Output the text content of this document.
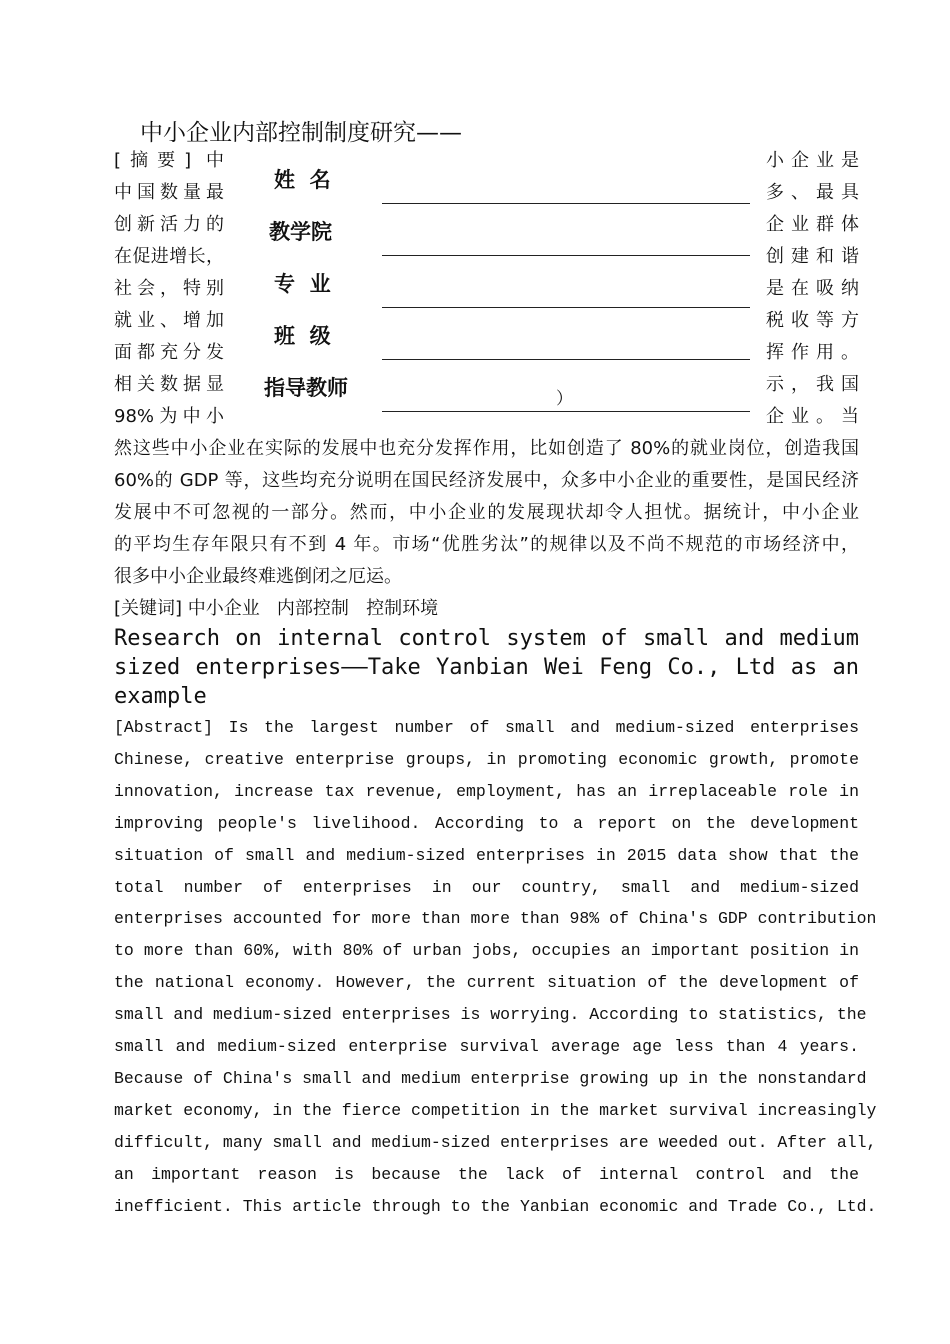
中小企业内部控制制度研究——
[摘要] 中
中国数量最
创新活力的
在促进增长，
社会，特别
就业、增加
面都充分发
相关数据显
98%为中小
小企业是
多、最具
企业群体
创建和谐
是在吸纳
税收等方
挥作用。
示，我国
企业。当
姓  名
教学院
专  业
班  级
指导教师	）
然这些中小企业在实际的发展中也充分发挥作用，比如创造了 80%的就业岗位，创造我国
60%的 GDP 等，这些均充分说明在国民经济发展中，众多中小企业的重要性，是国民经济
发展中不可忽视的一部分。然而，中小企业的发展现状却令人担忧。据统计，中小企业
的平均生存年限只有不到 4 年。市场“优胜劣汰”的规律以及不尚不规范的市场经济中，
很多中小企业最终难逃倒闭之厄运。
[关键词] 中小企业   内部控制   控制环境
Research on internal control system of small and medium
sized enterprises——Take Yanbian Wei Feng Co., Ltd as an
example
[Abstract] Is the largest number of small and medium-sized enterprises
Chinese, creative enterprise groups, in promoting economic growth, promote
innovation, increase tax revenue, employment, has an irreplaceable role in
improving people's livelihood. According to a report on the development
situation of small and medium-sized enterprises in 2015 data show that the
total number of enterprises in our country, small and medium-sized
enterprises accounted for more than more than 98% of China's GDP contribution
to more than 60%, with 80% of urban jobs, occupies an important position in
the national economy. However, the current situation of the development of
small and medium-sized enterprises is worrying. According to statistics, the
small and medium-sized enterprise survival average age less than 4 years.
Because of China's small and medium enterprise growing up in the nonstandard
market economy, in the fierce competition in the market survival increasingly
difficult, many small and medium-sized enterprises are weeded out. After all,
an important reason is because the lack of internal control and the
inefficient. This article through to the Yanbian economic and Trade Co., Ltd.
